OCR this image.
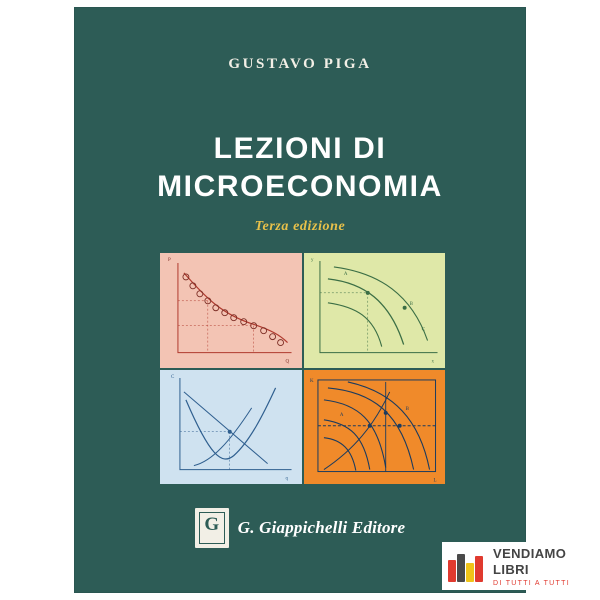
GUSTAVO PIGA
LEZIONI DI
MICROECONOMIA
Terza edizione
P
Q
y
x
A
B
C
C
q
K
L
A
B
G
G. Giappichelli Editore
VENDIAMO
LIBRI
DI TUTTI A TUTTI
